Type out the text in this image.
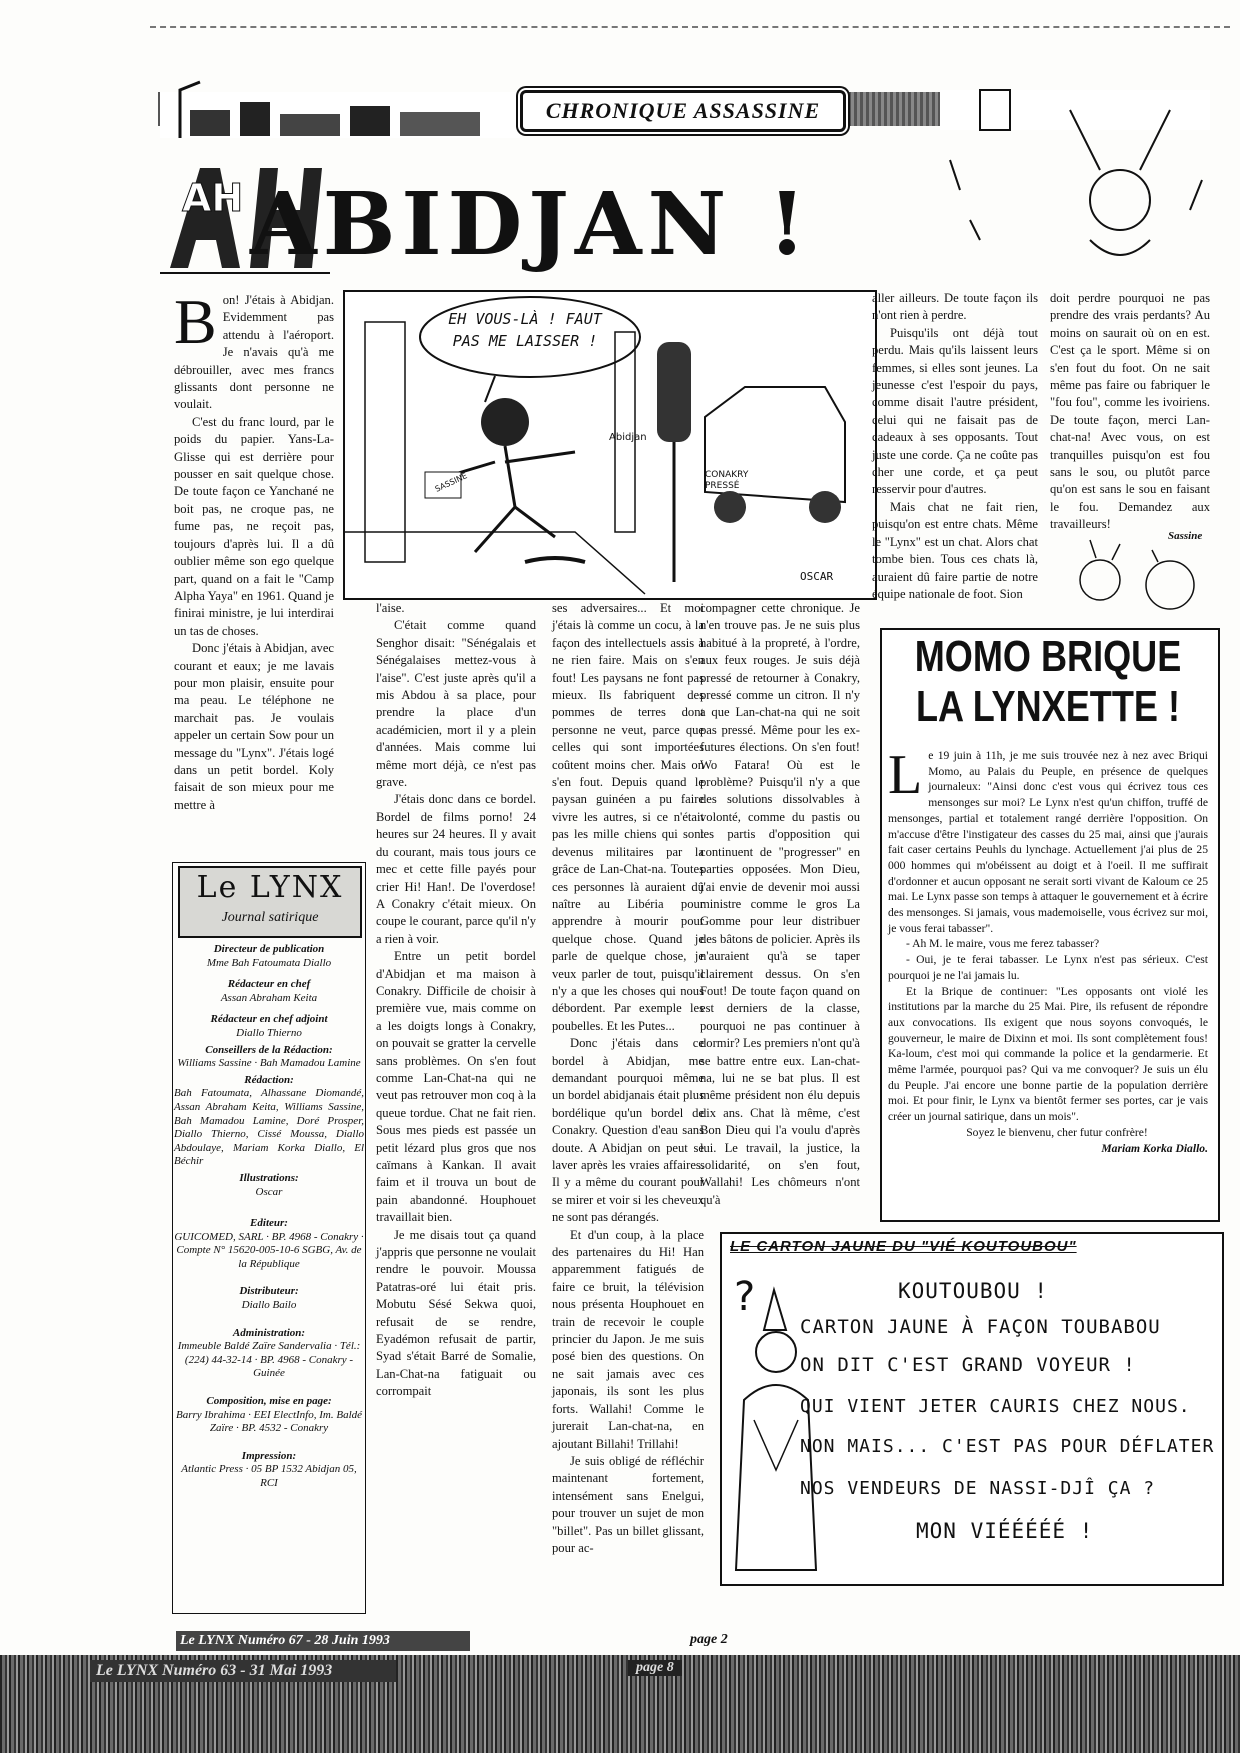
CHRONIQUE ASSASSINE
AH ABIDJAN !
EH VOUS-LÀ ! FAUT PAS ME LAISSER !
Abidjan
CONAKRY PRESSÉ
SASSINE
OSCAR

Bon! J'étais à Abidjan. Evidemment pas attendu à l'aéroport. Je n'avais qu'à me débrouiller, avec mes francs glissants dont personne ne voulait.

C'est du franc lourd, par le poids du papier. Yans-La-Glisse qui est derrière pour pousser en sait quelque chose. De toute façon ce Yanchané ne boit pas, ne croque pas, ne fume pas, ne reçoit pas, toujours d'après lui. Il a dû oublier même son ego quelque part, quand on a fait le "Camp Alpha Yaya" en 1961. Quand je finirai ministre, je lui interdirai un tas de choses.

Donc j'étais à Abidjan, avec courant et eaux; je me lavais pour mon plaisir, ensuite pour ma peau. Le téléphone ne marchait pas. Je voulais appeler un certain Sow pour un message du "Lynx". J'étais logé dans un petit bordel. Koly faisait de son mieux pour me mettre à

Le LYNX
Journal satirique
Directeur de publication
Mme Bah Fatoumata Diallo
Rédacteur en chef
Assan Abraham Keita
Rédacteur en chef adjoint
Diallo Thierno
Conseillers de la Rédaction:
Williams Sassine · Bah Mamadou Lamine
Rédaction:
Bah Fatoumata, Alhassane Diomandé, Assan Abraham Keita, Williams Sassine, Bah Mamadou Lamine, Doré Prosper, Diallo Thierno, Cissé Moussa, Diallo Abdoulaye, Mariam Korka Diallo, El Béchir
Illustrations:
Oscar
Editeur:
GUICOMED, SARL · BP. 4968 - Conakry · Compte N° 15620-005-10-6 SGBG, Av. de la République
Distributeur:
Diallo Bailo
Administration:
Immeuble Baldé Zaïre Sandervalia · Tél.: (224) 44-32-14 · BP. 4968 - Conakry - Guinée
Composition, mise en page:
Barry Ibrahima · EEI ElectInfo, Im. Baldé Zaïre · BP. 4532 - Conakry
Impression:
Atlantic Press · 05 BP 1532 Abidjan 05, RCI

l'aise.

C'était comme quand Senghor disait: "Sénégalais et Sénégalaises mettez-vous à l'aise". C'est juste après qu'il a mis Abdou à sa place, pour prendre la place d'un académicien, mort il y a plein d'années. Mais comme lui même mort déjà, ce n'est pas grave.

J'étais donc dans ce bordel. Bordel de films porno! 24 heures sur 24 heures. Il y avait du courant, mais tous jours ce mec et cette fille payés pour crier Hi! Han!. De l'overdose! A Conakry c'était mieux. On coupe le courant, parce qu'il n'y a rien à voir.

Entre un petit bordel d'Abidjan et ma maison à Conakry. Difficile de choisir à première vue, mais comme on a les doigts longs à Conakry, on pouvait se gratter la cervelle sans problèmes. On s'en fout comme Lan-Chat-na qui ne veut pas retrouver mon coq à la queue tordue. Chat ne fait rien. Sous mes pieds est passée un petit lézard plus gros que nos caïmans à Kankan. Il avait faim et il trouva un bout de pain abandonné. Houphouet travaillait bien.

Je me disais tout ça quand j'appris que personne ne voulait rendre le pouvoir. Moussa Patatras-oré lui était pris. Mobutu Sésé Sekwa quoi, refusait de se rendre, Eyadémon refusait de partir, Syad s'était Barré de Somalie, Lan-Chat-na fatiguait ou corrompait

ses adversaires... Et moi j'étais là comme un cocu, à la façon des intellectuels assis à ne rien faire. Mais on s'en fout! Les paysans ne font pas mieux. Ils fabriquent des pommes de terres dont personne ne veut, parce que celles qui sont importées coûtent moins cher. Mais on s'en fout. Depuis quand le paysan guinéen a pu faire vivre les autres, si ce n'était pas les mille chiens qui sont devenus militaires par la grâce de Lan-Chat-na. Toutes ces personnes là auraient dû naître au Libéria pour apprendre à mourir pour quelque chose. Quand je parle de quelque chose, je veux parler de tout, puisqu'il n'y a que les choses qui nous débordent. Par exemple les poubelles. Et les Putes...

Donc j'étais dans ce bordel à Abidjan, me demandant pourquoi même un bordel abidjanais était plus bordélique qu'un bordel de Conakry. Question d'eau sans doute. A Abidjan on peut se laver après les vraies affaires. Il y a même du courant pour se mirer et voir si les cheveux ne sont pas dérangés.

Et d'un coup, à la place des partenaires du Hi! Han apparemment fatigués de faire ce bruit, la télévision nous présenta Houphouet en train de recevoir le couple princier du Japon. Je me suis posé bien des questions. On ne sait jamais avec ces japonais, ils sont les plus forts. Wallahi! Comme le jurerait Lan-chat-na, en ajoutant Billahi! Trillahi!

Je suis obligé de réfléchir maintenant fortement, intensément sans Enelgui, pour trouver un sujet de mon "billet". Pas un billet glissant, pour ac-

compagner cette chronique. Je n'en trouve pas. Je ne suis plus habitué à la propreté, à l'ordre, aux feux rouges. Je suis déjà pressé de retourner à Conakry, pressé comme un citron. Il n'y a que Lan-chat-na qui ne soit pas pressé. Même pour les ex-futures élections. On s'en fout! Wo Fatara! Où est le problème? Puisqu'il n'y a que des solutions dissolvables à volonté, comme du pastis ou les partis d'opposition qui continuent de "progresser" en parties opposées. Mon Dieu, j'ai envie de devenir moi aussi ministre comme le gros La Gomme pour leur distribuer des bâtons de policier. Après ils n'auraient qu'à se taper clairement dessus. On s'en Fout! De toute façon quand on est derniers de la classe, pourquoi ne pas continuer à dormir? Les premiers n'ont qu'à se battre entre eux. Lan-chat-na, lui ne se bat plus. Il est même président non élu depuis dix ans. Chat là même, c'est Bon Dieu qui l'a voulu d'après lui. Le travail, la justice, la solidarité, on s'en fout, Wallahi! Les chômeurs n'ont qu'à

aller ailleurs. De toute façon ils n'ont rien à perdre.

Puisqu'ils ont déjà tout perdu. Mais qu'ils laissent leurs femmes, si elles sont jeunes. La jeunesse c'est l'espoir du pays, comme disait l'autre président, celui qui ne faisait pas de cadeaux à ses opposants. Tout juste une corde. Ça ne coûte pas cher une corde, et ça peut resservir pour d'autres.

Mais chat ne fait rien, puisqu'on est entre chats. Même le "Lynx" est un chat. Alors chat tombe bien. Tous ces chats là, auraient dû faire partie de notre équipe nationale de foot. Sion

doit perdre pourquoi ne pas prendre des vrais perdants? Au moins on saurait où on en est. C'est ça le sport. Même si on s'en fout du foot. On ne sait même pas faire ou fabriquer le "fou fou", comme les ivoiriens. De toute façon, merci Lan-chat-na! Avec vous, on est tranquilles puisqu'on est fou sans le sou, ou plutôt parce qu'on est sans le sou en faisant le fou. Demandez aux travailleurs!

Sassine
MOMO BRIQUE
LA LYNXETTE !

Le 19 juin à 11h, je me suis trouvée nez à nez avec Briqui Momo, au Palais du Peuple, en présence de quelques journaleux: "Ainsi donc c'est vous qui écrivez tous ces mensonges sur moi? Le Lynx n'est qu'un chiffon, truffé de mensonges, partial et totalement rangé derrière l'opposition. On m'accuse d'être l'instigateur des casses du 25 mai, ainsi que j'aurais fait caser certains Peuhls du lynchage. Actuellement j'ai plus de 25 000 hommes qui m'obéissent au doigt et à l'oeil. Il me suffirait d'ordonner et aucun opposant ne serait sorti vivant de Kaloum ce 25 mai. Le Lynx passe son temps à attaquer le gouvernement et à écrire des mensonges. Si jamais, vous mademoiselle, vous écrivez sur moi, je vous ferai tabasser".

- Ah M. le maire, vous me ferez tabasser?

- Oui, je te ferai tabasser. Le Lynx n'est pas sérieux. C'est pourquoi je ne l'ai jamais lu.

Et la Brique de continuer: "Les opposants ont violé les institutions par la marche du 25 Mai. Pire, ils refusent de répondre aux convocations. Ils exigent que nous soyons convoqués, le gouverneur, le maire de Dixinn et moi. Ils sont complètement fous! Ka-loum, c'est moi qui commande la police et la gendarmerie. Et même l'armée, pourquoi pas? Qui va me convoquer? Je suis un élu du Peuple. J'ai encore une bonne partie de la population derrière moi. Et pour finir, le Lynx va bientôt fermer ses portes, car je vais créer un journal satirique, dans un mois".

Soyez le bienvenu, cher futur confrère!

Mariam Korka Diallo.

LE CARTON JAUNE DU "VIÉ KOUTOUBOU"
?	KOUTOUBOU !
CARTON JAUNE À FAÇON TOUBABOU
ON DIT C'EST GRAND VOYEUR !
QUI VIENT JETER CAURIS CHEZ NOUS.
NON MAIS... C'EST PAS POUR DÉFLATER
NOS VENDEURS DE NASSI-DJÎ ÇA ?
MON VIÉÉÉÉÉ !
Le LYNX Numéro 67 - 28 Juin 1993	page 2
Le LYNX Numéro 63 - 31 Mai 1993	page 8
